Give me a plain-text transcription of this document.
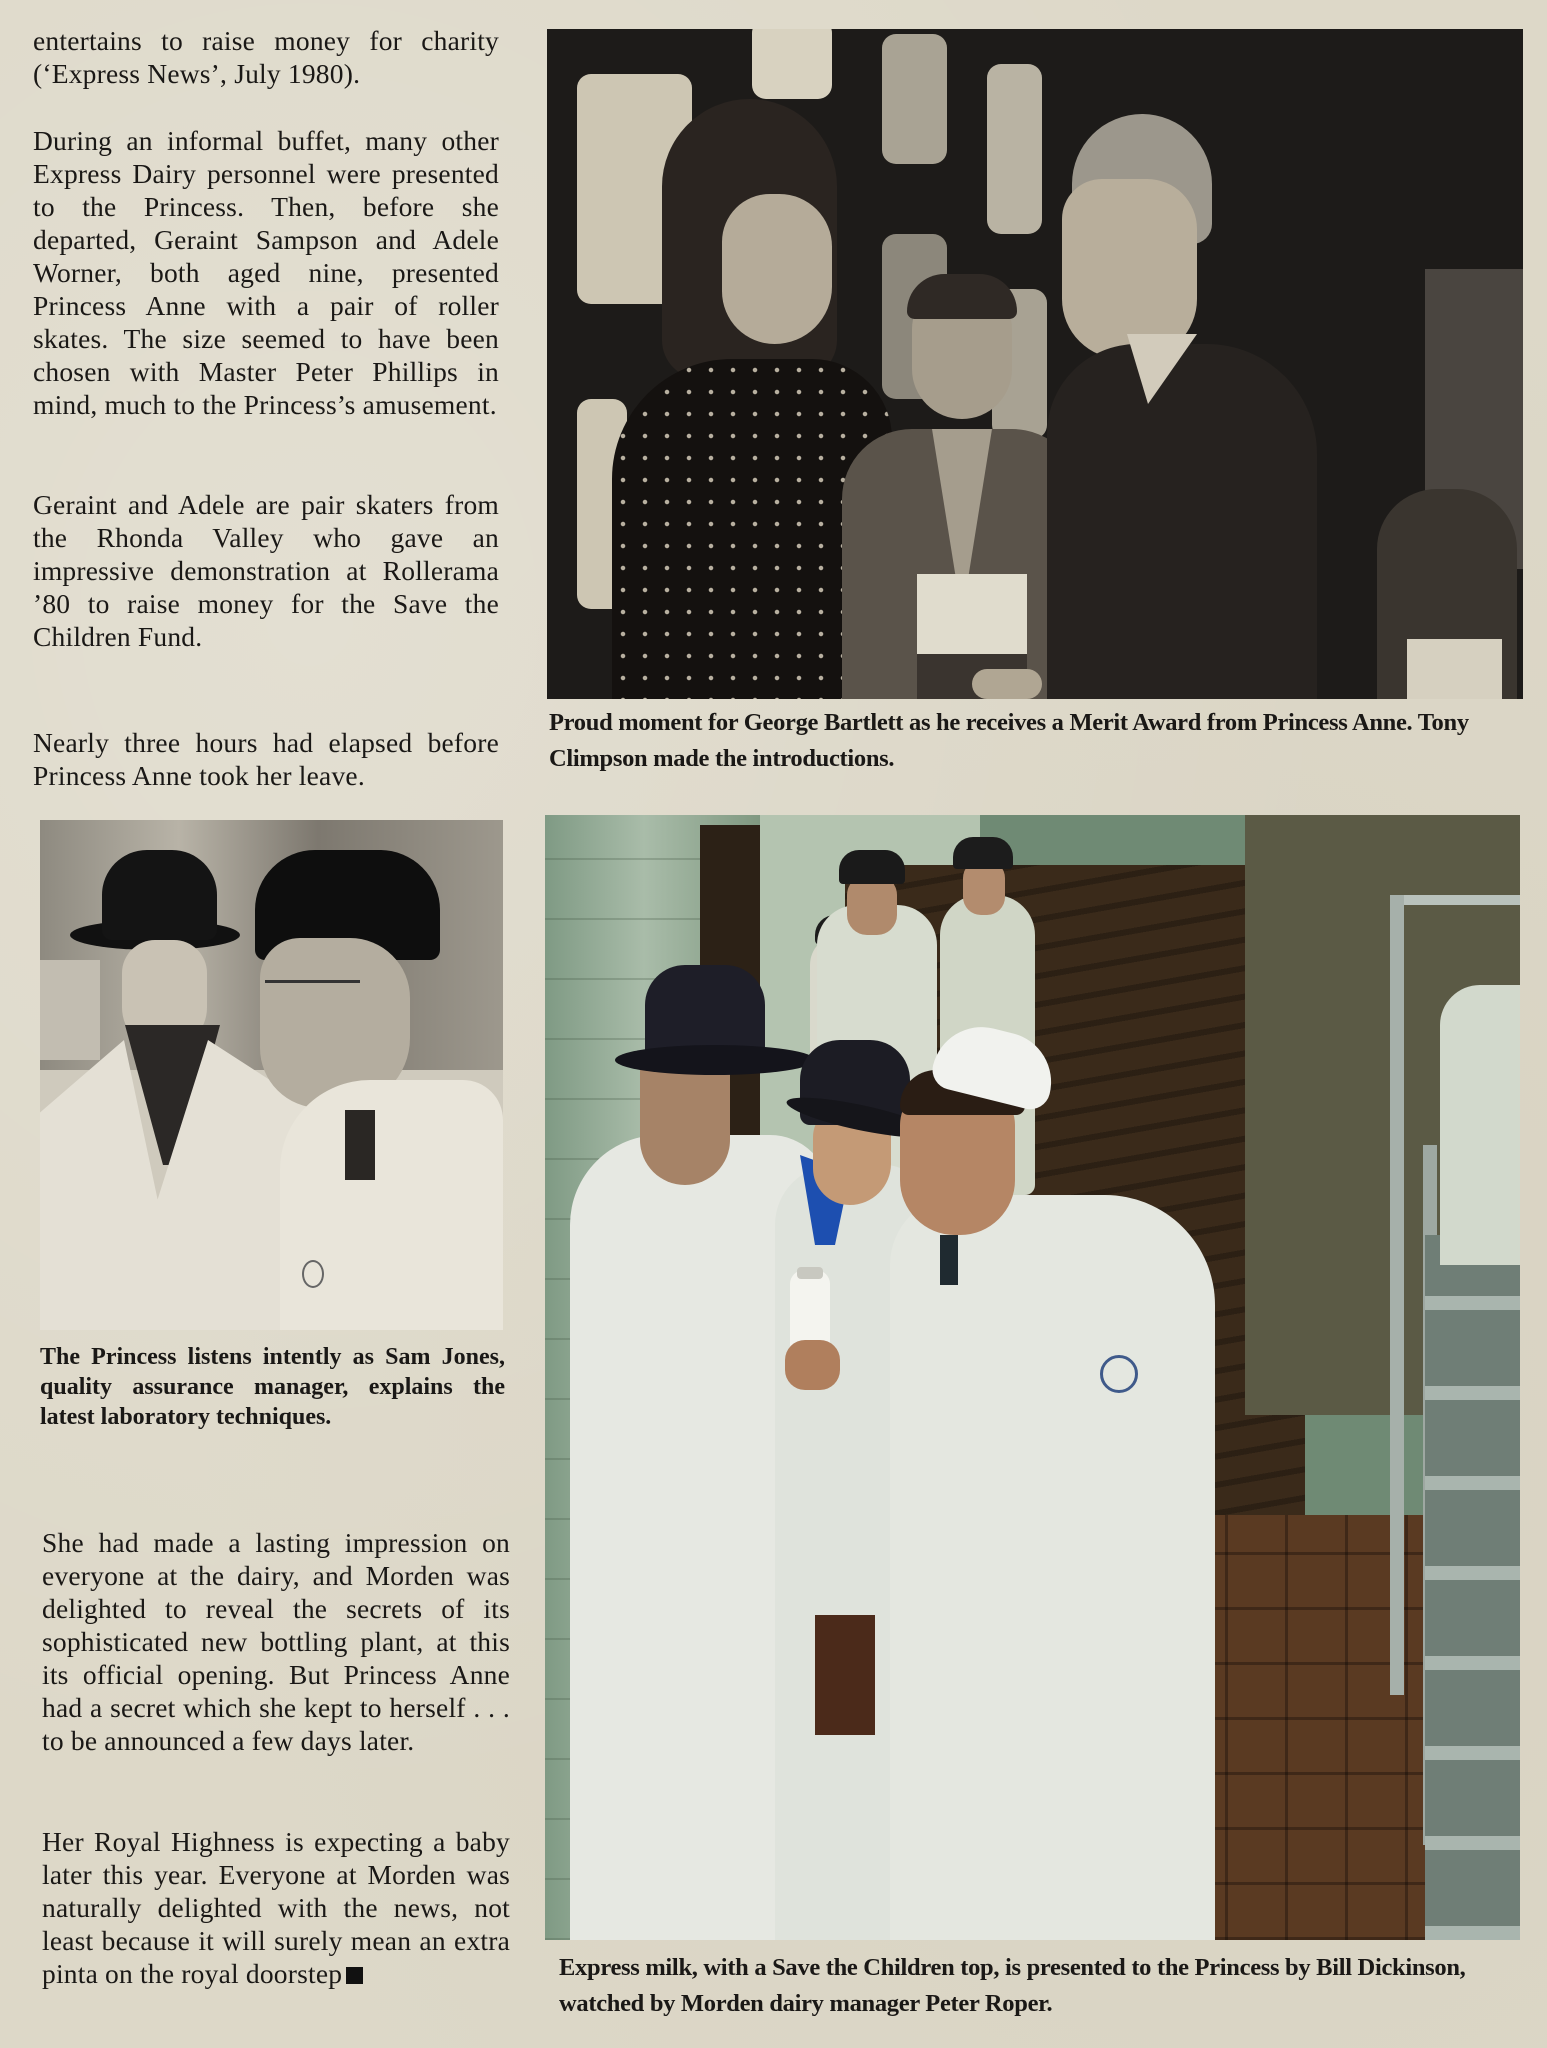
entertains to raise money for charity (‘Express News’, July 1980).

During an informal buffet, many other Express Dairy personnel were presented to the Princess. Then, before she departed, Geraint Sampson and Adele Worner, both aged nine, presented Princess Anne with a pair of roller skates. The size seemed to have been chosen with Master Peter Phillips in mind, much to the Princess’s amusement.

Geraint and Adele are pair skaters from the Rhonda Valley who gave an impressive demonstration at Rollerama ’80 to raise money for the Save the Children Fund.

Nearly three hours had elapsed before Princess Anne took her leave.

Proud moment for George Bartlett as he receives a Merit Award from Princess Anne. Tony Climpson made the introductions.

The Princess listens intently as Sam Jones, quality assurance manager, explains the latest laboratory techniques.

She had made a lasting impression on everyone at the dairy, and Morden was delighted to reveal the secrets of its sophisticated new bottling plant, at this its official opening. But Princess Anne had a secret which she kept to herself . . . to be announced a few days later.

Her Royal Highness is expecting a baby later this year. Everyone at Morden was naturally delighted with the news, not least because it will surely mean an extra pinta on the royal doorstep	Express milk, with a Save the Children top, is presented to the Princess by Bill Dickinson, watched by Morden dairy manager Peter Roper.
